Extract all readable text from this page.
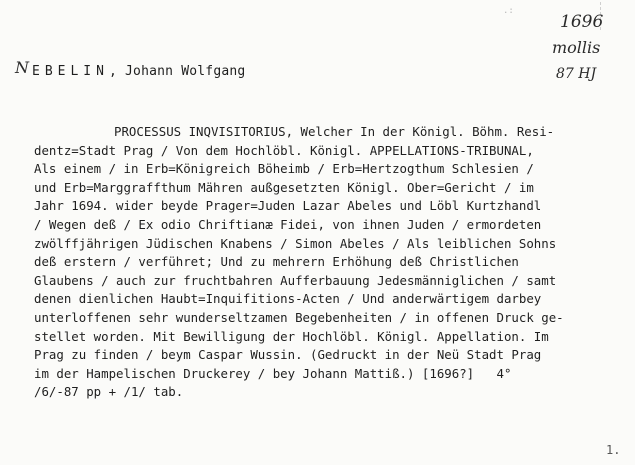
.:
1696
mollis
87 HJ
N EBELIN, Johann Wolfgang
PROCESSUS INQVISITORIUS, Welcher In der Königl. Böhm. Resi-
dentz=Stadt Prag / Von dem Hochlöbl. Königl. APPELLATIONS-TRIBUNAL,
Als einem / in Erb=Königreich Böheimb / Erb=Hertzogthum Schlesien /
und Erb=Marggraffthum Mähren außgesetzten Königl. Ober=Gericht / im
Jahr 1694. wider beyde Prager=Juden Lazar Abeles und Löbl Kurtzhandl
/ Wegen deß / Ex odio Chriftianæ Fidei, von ihnen Juden / ermordeten
zwölffjährigen Jüdischen Knabens / Simon Abeles / Als leiblichen Sohns
deß erstern / verführet; Und zu mehrern Erhöhung deß Christlichen
Glaubens / auch zur fruchtbahren Aufferbauung Jedesmänniglichen / samt
denen dienlichen Haubt=Inquifitions-Acten / Und anderwärtigem darbey
unterloffenen sehr wunderseltzamen Begebenheiten / in offenen Druck ge-
stellet worden. Mit Bewilligung der Hochlöbl. Königl. Appellation. Im
Prag zu finden / beym Caspar Wussin. (Gedruckt in der Neü Stadt Prag
im der Hampelischen Druckerey / bey Johann Mattiß.) [1696?]   4°
/6/-87 pp + /1/ tab.
1.
